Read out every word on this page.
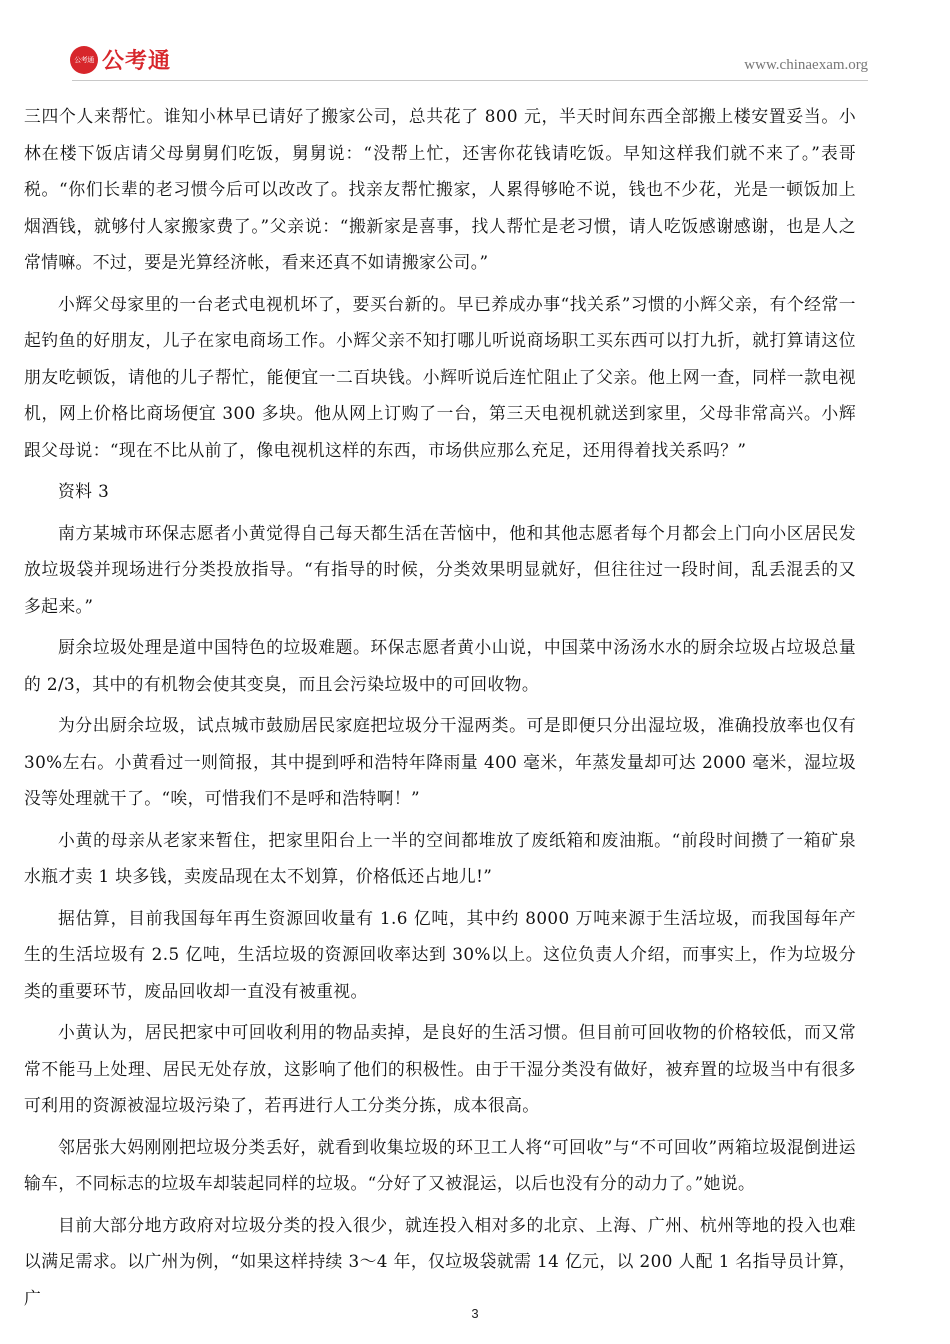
公考通 公考通	www.chinaexam.org

三四个人来帮忙。谁知小林早已请好了搬家公司，总共花了 800 元，半天时间东西全部搬上楼安置妥当。小林在楼下饭店请父母舅舅们吃饭，舅舅说：“没帮上忙，还害你花钱请吃饭。早知这样我们就不来了。”表哥税。“你们长辈的老习惯今后可以改改了。找亲友帮忙搬家，人累得够呛不说，钱也不少花，光是一顿饭加上烟酒钱，就够付人家搬家费了。”父亲说：“搬新家是喜事，找人帮忙是老习惯，请人吃饭感谢感谢，也是人之常情嘛。不过，要是光算经济帐，看来还真不如请搬家公司。”

小辉父母家里的一台老式电视机坏了，要买台新的。早已养成办事“找关系”习惯的小辉父亲，有个经常一起钓鱼的好朋友，儿子在家电商场工作。小辉父亲不知打哪儿听说商场职工买东西可以打九折，就打算请这位朋友吃顿饭，请他的儿子帮忙，能便宜一二百块钱。小辉听说后连忙阻止了父亲。他上网一查，同样一款电视机，网上价格比商场便宜 300 多块。他从网上订购了一台，第三天电视机就送到家里，父母非常高兴。小辉跟父母说：“现在不比从前了，像电视机这样的东西，市场供应那么充足，还用得着找关系吗？”

资料 3

南方某城市环保志愿者小黄觉得自己每天都生活在苦恼中，他和其他志愿者每个月都会上门向小区居民发放垃圾袋并现场进行分类投放指导。“有指导的时候，分类效果明显就好，但往往过一段时间，乱丢混丢的又多起来。”

厨余垃圾处理是道中国特色的垃圾难题。环保志愿者黄小山说，中国菜中汤汤水水的厨余垃圾占垃圾总量的 2/3，其中的有机物会使其变臭，而且会污染垃圾中的可回收物。

为分出厨余垃圾，试点城市鼓励居民家庭把垃圾分干湿两类。可是即便只分出湿垃圾，准确投放率也仅有 30%左右。小黄看过一则简报，其中提到呼和浩特年降雨量 400 毫米，年蒸发量却可达 2000 毫米，湿垃圾没等处理就干了。“唉，可惜我们不是呼和浩特啊！”

小黄的母亲从老家来暂住，把家里阳台上一半的空间都堆放了废纸箱和废油瓶。“前段时间攒了一箱矿泉水瓶才卖 1 块多钱，卖废品现在太不划算，价格低还占地儿!”

据估算，目前我国每年再生资源回收量有 1.6 亿吨，其中约 8000 万吨来源于生活垃圾，而我国每年产生的生活垃圾有 2.5 亿吨，生活垃圾的资源回收率达到 30%以上。这位负责人介绍，而事实上，作为垃圾分类的重要环节，废品回收却一直没有被重视。

小黄认为，居民把家中可回收利用的物品卖掉，是良好的生活习惯。但目前可回收物的价格较低，而又常常不能马上处理、居民无处存放，这影响了他们的积极性。由于干湿分类没有做好，被弃置的垃圾当中有很多可利用的资源被湿垃圾污染了，若再进行人工分类分拣，成本很高。

邻居张大妈刚刚把垃圾分类丢好，就看到收集垃圾的环卫工人将“可回收”与“不可回收”两箱垃圾混倒进运输车，不同标志的垃圾车却装起同样的垃圾。“分好了又被混运，以后也没有分的动力了。”她说。

目前大部分地方政府对垃圾分类的投入很少，就连投入相对多的北京、上海、广州、杭州等地的投入也难以满足需求。以广州为例，“如果这样持续 3～4 年，仅垃圾袋就需 14 亿元，以 200 人配 1 名指导员计算，广

3
